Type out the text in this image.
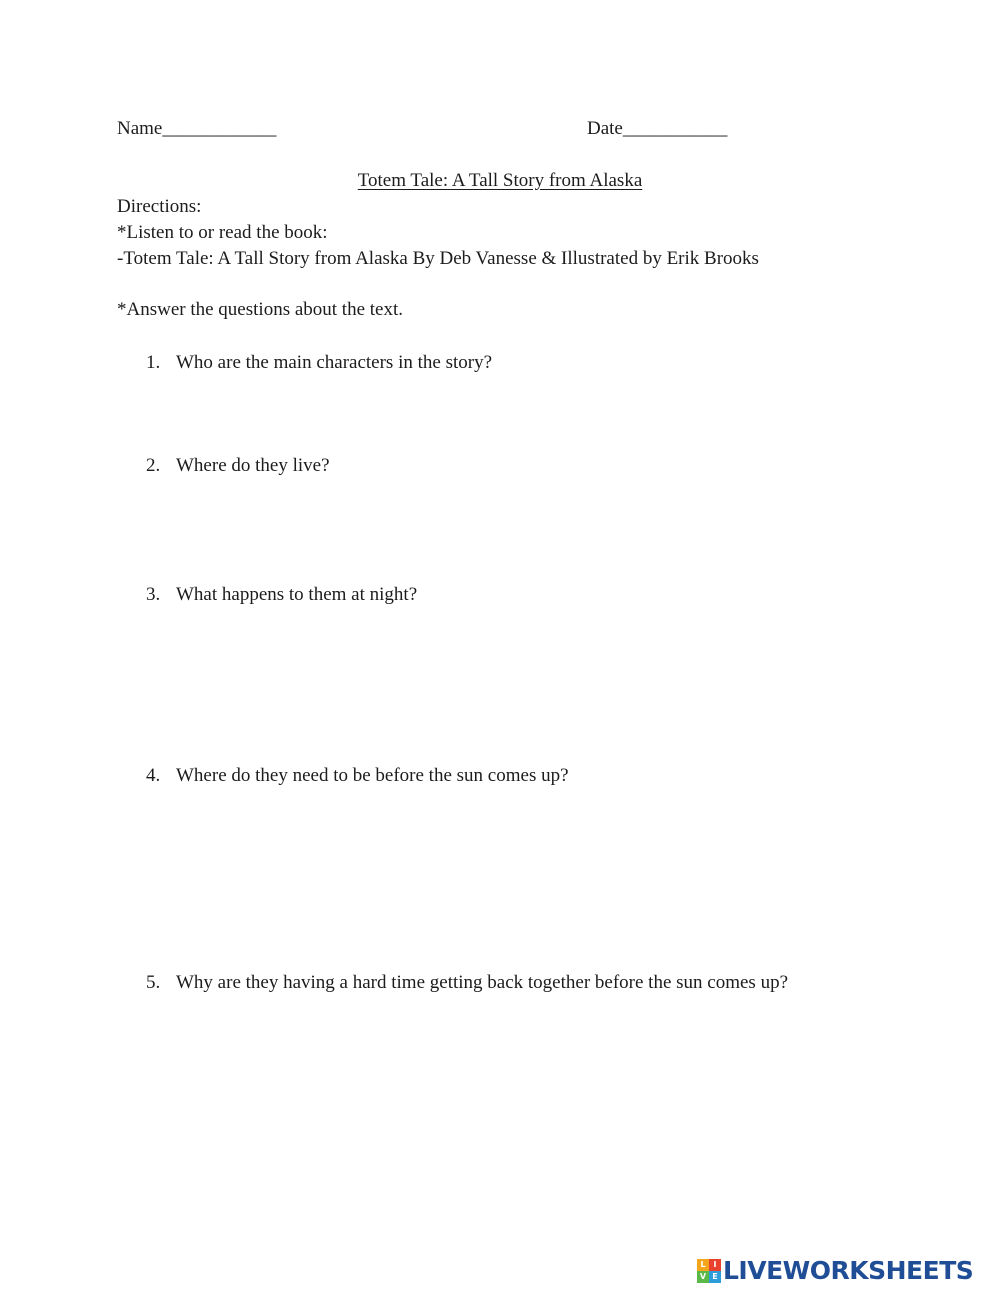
Name____________	Date___________
Totem Tale: A Tall Story from Alaska
Directions:
*Listen to or read the book:
-Totem Tale: A Tall Story from Alaska By Deb Vanesse & Illustrated by Erik Brooks
*Answer the questions about the text.
1. Who are the main characters in the story?
2. Where do they live?
3. What happens to them at night?
4. Where do they need to be before the sun comes up?
5. Why are they having a hard time getting back together before the sun comes up?
L I
V E LIVEWORKSHEETS
